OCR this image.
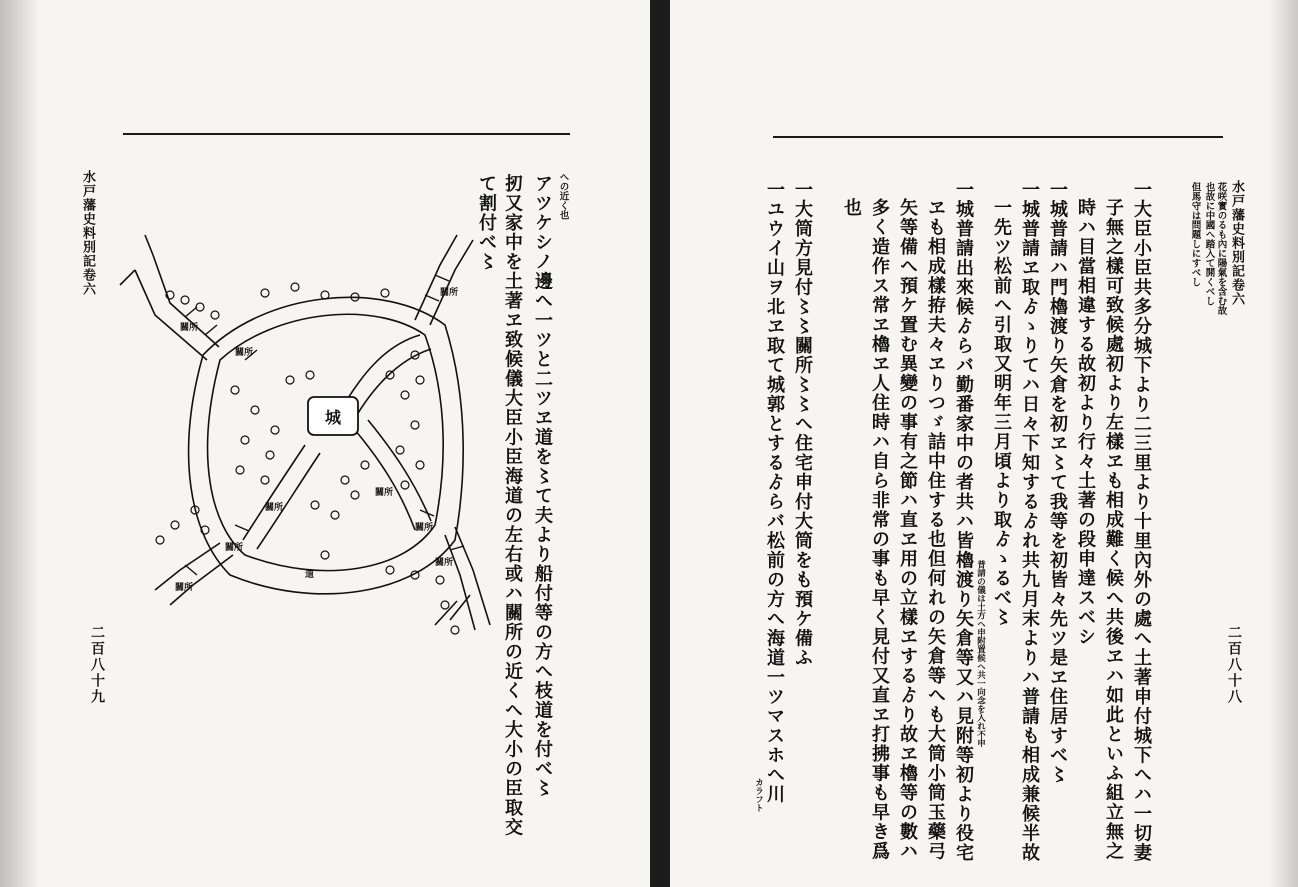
水戸藩史料別記卷六	への近く也
アツケシノ邊へ一ツと二ツヱ道を〻て夫より船付等の方へ枝道を付べ〻
扨又家中を土著ヱ致候儀大臣小臣海道の左右或ハ關所の近くへ大小の臣取交
て割付べ〻
城
關所
關所
關所
關所
關所
關所
關所
關所
關所
道
二百八十九
水戸藩史料別記卷六
花咲實のるも內に陽氣を含む故
也故に中國へ踏入て開くべし
但馬守は問題しにすべし
一大臣小臣共多分城下より二三里より十里內外の處へ土著申付城下へハ一切妻
子無之樣可致候處初より左樣ヱも相成難く候へ共後ヱハ如此といふ組立無之
時ハ目當相違する故初より行々土著の段申達スベシ
一城普請ハ門櫓渡り矢倉を初ヱ〻て我等を初皆々先ツ是ヱ住居すべ〻
一城普請ヱ取ゟゝりてハ日々下知するゟれ共九月末よりハ普請も相成兼候半故
一先ツ松前へ引取又明年三月頃より取ゟゝるべ〻
普請の儀は土方へ申附置候へ共一向念を入れ不申
一城普請出來候ゟらバ勤番家中の者共ハ皆櫓渡り矢倉等又ハ見附等初より役宅
ヱも相成樣拵夫々ヱりつゞ詰中住する也但何れの矢倉等へも大筒小筒玉藥弓
矢等備へ預ケ置む異變の事有之節ハ直ヱ用の立樣ヱするゟり故ヱ櫓等の數ハ
多く造作ス常ヱ櫓ヱ人住時ハ自ら非常の事も早く見付又直ヱ打拂事も早き爲
也
一大筒方見付〻〻關所〻〻へ住宅申付大筒をも預ケ備ふ
一ユウイ山ヲ北ヱ取て城郭とするゟらバ松前の方へ海道一ツマスホへ川
カラフト
二百八十八
